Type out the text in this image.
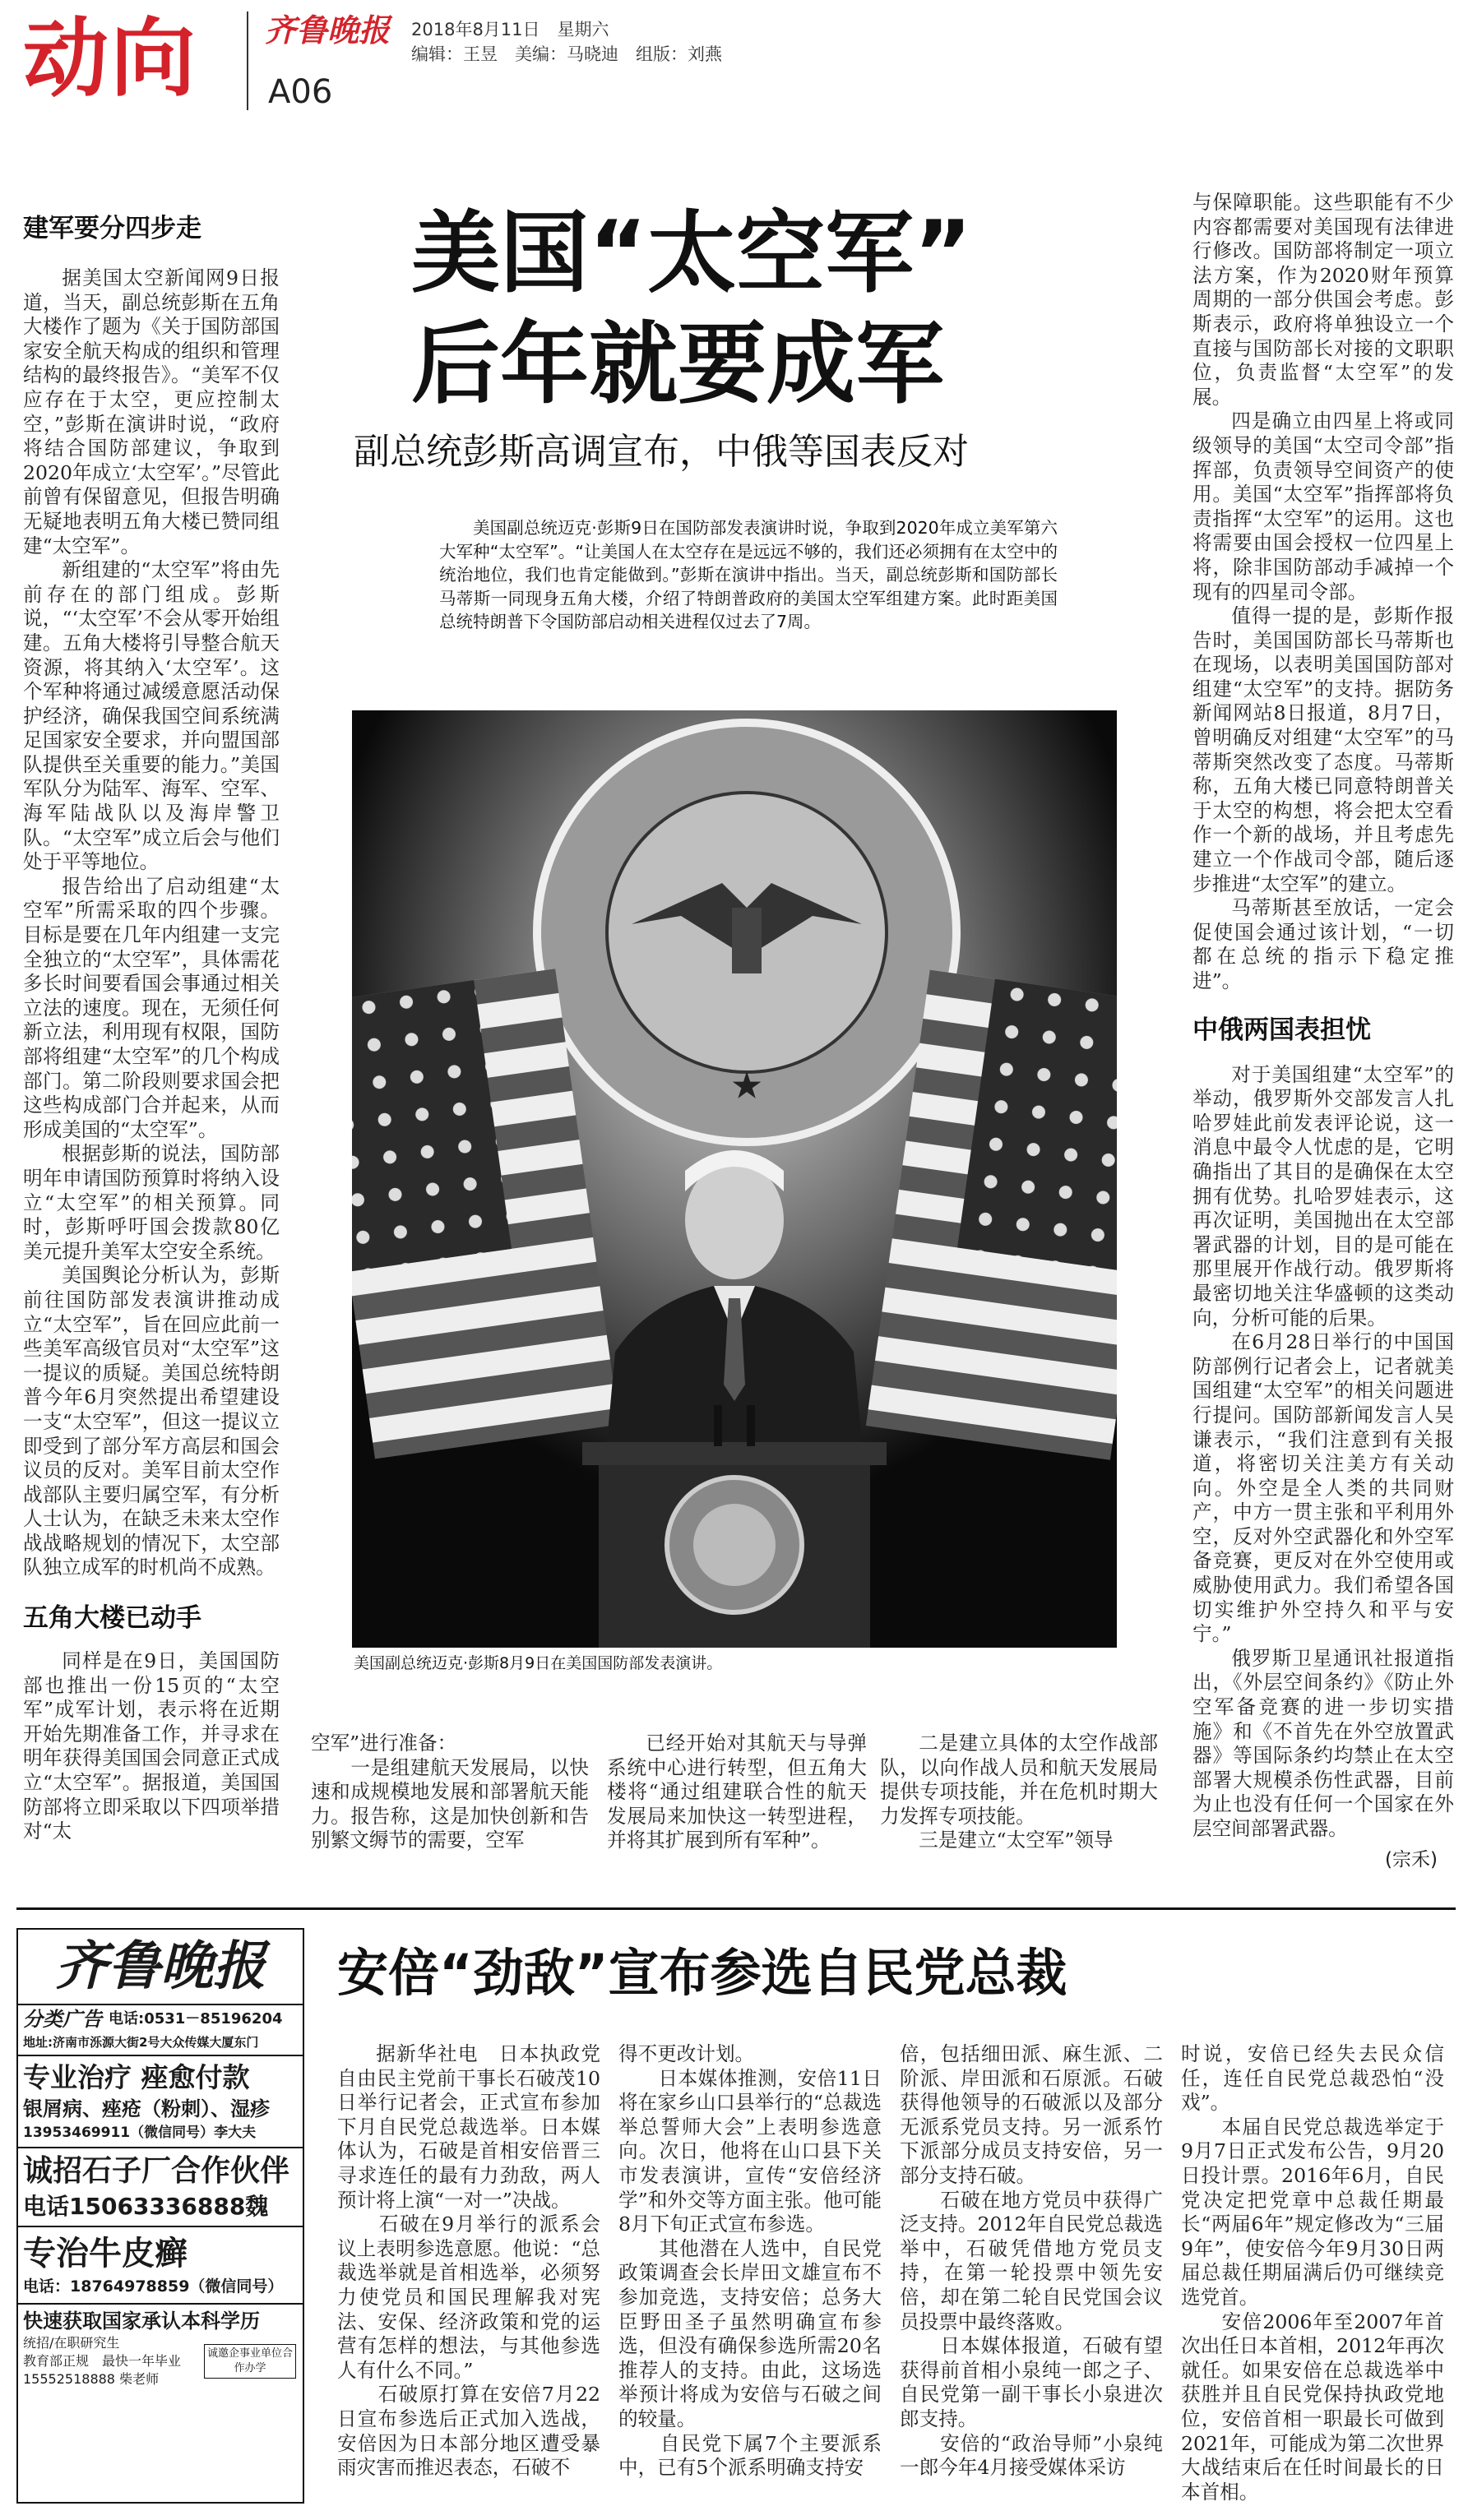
动向 齐鲁晚报 2018年8月11日　星期六
编辑：王昱　美编：马晓迪　组版：刘燕
A06
建军要分四步走

据美国太空新闻网9日报道，当天，副总统彭斯在五角大楼作了题为《关于国防部国家安全航天构成的组织和管理结构的最终报告》。“美军不仅应存在于太空，更应控制太空，”彭斯在演讲时说，“政府将结合国防部建议，争取到2020年成立‘太空军’。”尽管此前曾有保留意见，但报告明确无疑地表明五角大楼已赞同组建“太空军”。

新组建的“太空军”将由先前存在的部门组成。彭斯说，“‘太空军’不会从零开始组建。五角大楼将引导整合航天资源，将其纳入‘太空军’。这个军种将通过减缓意愿活动保护经济，确保我国空间系统满足国家安全要求，并向盟国部队提供至关重要的能力。”美国军队分为陆军、海军、空军、海军陆战队以及海岸警卫队。“太空军”成立后会与他们处于平等地位。

报告给出了启动组建“太空军”所需采取的四个步骤。目标是要在几年内组建一支完全独立的“太空军”，具体需花多长时间要看国会事通过相关立法的速度。现在，无须任何新立法，利用现有权限，国防部将组建“太空军”的几个构成部门。第二阶段则要求国会把这些构成部门合并起来，从而形成美国的“太空军”。

根据彭斯的说法，国防部明年申请国防预算时将纳入设立“太空军”的相关预算。同时，彭斯呼吁国会拨款80亿美元提升美军太空安全系统。

美国舆论分析认为，彭斯前往国防部发表演讲推动成立“太空军”，旨在回应此前一些美军高级官员对“太空军”这一提议的质疑。美国总统特朗普今年6月突然提出希望建设一支“太空军”，但这一提议立即受到了部分军方高层和国会议员的反对。美军目前太空作战部队主要归属空军，有分析人士认为，在缺乏未来太空作战战略规划的情况下，太空部队独立成军的时机尚不成熟。

五角大楼已动手

同样是在9日，美国国防部也推出一份15页的“太空军”成军计划，表示将在近期开始先期准备工作，并寻求在明年获得美国国会同意正式成立“太空军”。据报道，美国国防部将立即采取以下四项举措对“太

美国“太空军”
后年就要成军
副总统彭斯高调宣布，中俄等国表反对
美国副总统迈克·彭斯9日在国防部发表演讲时说，争取到2020年成立美军第六大军种“太空军”。“让美国人在太空存在是远远不够的，我们还必须拥有在太空中的统治地位，我们也肯定能做到。”彭斯在演讲中指出。当天，副总统彭斯和国防部长马蒂斯一同现身五角大楼，介绍了特朗普政府的美国太空军组建方案。此时距美国总统特朗普下令国防部启动相关进程仅过去了7周。
★
美国副总统迈克·彭斯8月9日在美国国防部发表演讲。

空军”进行准备：
　　一是组建航天发展局，以快速和成规模地发展和部署航天能力。报告称，这是加快创新和告别繁文缛节的需要，空军

已经开始对其航天与导弹系统中心进行转型，但五角大楼将“通过组建联合性的航天发展局来加快这一转型进程，并将其扩展到所有军种”。

二是建立具体的太空作战部队，以向作战人员和航天发展局提供专项技能，并在危机时期大力发挥专项技能。
　　三是建立“太空军”领导

与保障职能。这些职能有不少内容都需要对美国现有法律进行修改。国防部将制定一项立法方案，作为2020财年预算周期的一部分供国会考虑。彭斯表示，政府将单独设立一个直接与国防部长对接的文职职位，负责监督“太空军”的发展。

四是确立由四星上将或同级领导的美国“太空司令部”指挥部，负责领导空间资产的使用。美国“太空军”指挥部将负责指挥“太空军”的运用。这也将需要由国会授权一位四星上将，除非国防部动手减掉一个现有的四星司令部。

值得一提的是，彭斯作报告时，美国国防部长马蒂斯也在现场，以表明美国国防部对组建“太空军”的支持。据防务新闻网站8日报道，8月7日，曾明确反对组建“太空军”的马蒂斯突然改变了态度。马蒂斯称，五角大楼已同意特朗普关于太空的构想，将会把太空看作一个新的战场，并且考虑先建立一个作战司令部，随后逐步推进“太空军”的建立。

马蒂斯甚至放话，一定会促使国会通过该计划，“一切都在总统的指示下稳定推进”。

中俄两国表担忧

对于美国组建“太空军”的举动，俄罗斯外交部发言人扎哈罗娃此前发表评论说，这一消息中最令人忧虑的是，它明确指出了其目的是确保在太空拥有优势。扎哈罗娃表示，这再次证明，美国抛出在太空部署武器的计划，目的是可能在那里展开作战行动。俄罗斯将最密切地关注华盛顿的这类动向，分析可能的后果。

在6月28日举行的中国国防部例行记者会上，记者就美国组建“太空军”的相关问题进行提问。国防部新闻发言人吴谦表示，“我们注意到有关报道，将密切关注美方有关动向。外空是全人类的共同财产，中方一贯主张和平利用外空，反对外空武器化和外空军备竞赛，更反对在外空使用或威胁使用武力。我们希望各国切实维护外空持久和平与安宁。”

俄罗斯卫星通讯社报道指出，《外层空间条约》《防止外空军备竞赛的进一步切实措施》和《不首先在外空放置武器》等国际条约均禁止在太空部署大规模杀伤性武器，目前为止也没有任何一个国家在外层空间部署武器。

(宗禾)
齐鲁晚报
分类广告 电话:0531－85196204
地址:济南市泺源大街2号大众传媒大厦东门
专业治疗 痤愈付款
银屑病、痤疮（粉刺）、湿疹
13953469911（微信同号）李大夫
诚招石子厂合作伙伴
电话15063336888魏
专治牛皮癣
电话：18764978859（微信同号）
快速获取国家承认本科学历
统招/在职研究生
教育部正规　最快一年毕业
15552518888 柴老师
诚邀企事业单位合作办学
安倍“劲敌”宣布参选自民党总裁

据新华社电　日本执政党自由民主党前干事长石破茂10日举行记者会，正式宣布参加下月自民党总裁选举。日本媒体认为，石破是首相安倍晋三寻求连任的最有力劲敌，两人预计将上演“一对一”决战。
　　石破在9月举行的派系会议上表明参选意愿。他说：“总裁选举就是首相选举，必须努力使党员和国民理解我对宪法、安保、经济政策和党的运营有怎样的想法，与其他参选人有什么不同。”
　　石破原打算在安倍7月22日宣布参选后正式加入选战，安倍因为日本部分地区遭受暴雨灾害而推迟表态，石破不

得不更改计划。
　　日本媒体推测，安倍11日将在家乡山口县举行的“总裁选举总誓师大会”上表明参选意向。次日，他将在山口县下关市发表演讲，宣传“安倍经济学”和外交等方面主张。他可能8月下旬正式宣布参选。
　　其他潜在人选中，自民党政策调查会长岸田文雄宣布不参加竞选，支持安倍；总务大臣野田圣子虽然明确宣布参选，但没有确保参选所需20名推荐人的支持。由此，这场选举预计将成为安倍与石破之间的较量。
　　自民党下属7个主要派系中，已有5个派系明确支持安

倍，包括细田派、麻生派、二阶派、岸田派和石原派。石破获得他领导的石破派以及部分无派系党员支持。另一派系竹下派部分成员支持安倍，另一部分支持石破。
　　石破在地方党员中获得广泛支持。2012年自民党总裁选举中，石破凭借地方党员支持，在第一轮投票中领先安倍，却在第二轮自民党国会议员投票中最终落败。
　　日本媒体报道，石破有望获得前首相小泉纯一郎之子、自民党第一副干事长小泉进次郎支持。
　　安倍的“政治导师”小泉纯一郎今年4月接受媒体采访

时说，安倍已经失去民众信任，连任自民党总裁恐怕“没戏”。
　　本届自民党总裁选举定于9月7日正式发布公告，9月20日投计票。2016年6月，自民党决定把党章中总裁任期最长“两届6年”规定修改为“三届9年”，使安倍今年9月30日两届总裁任期届满后仍可继续竞选党首。
　　安倍2006年至2007年首次出任日本首相，2012年再次就任。如果安倍在总裁选举中获胜并且自民党保持执政党地位，安倍首相一职最长可做到2021年，可能成为第二次世界大战结束后在任时间最长的日本首相。
